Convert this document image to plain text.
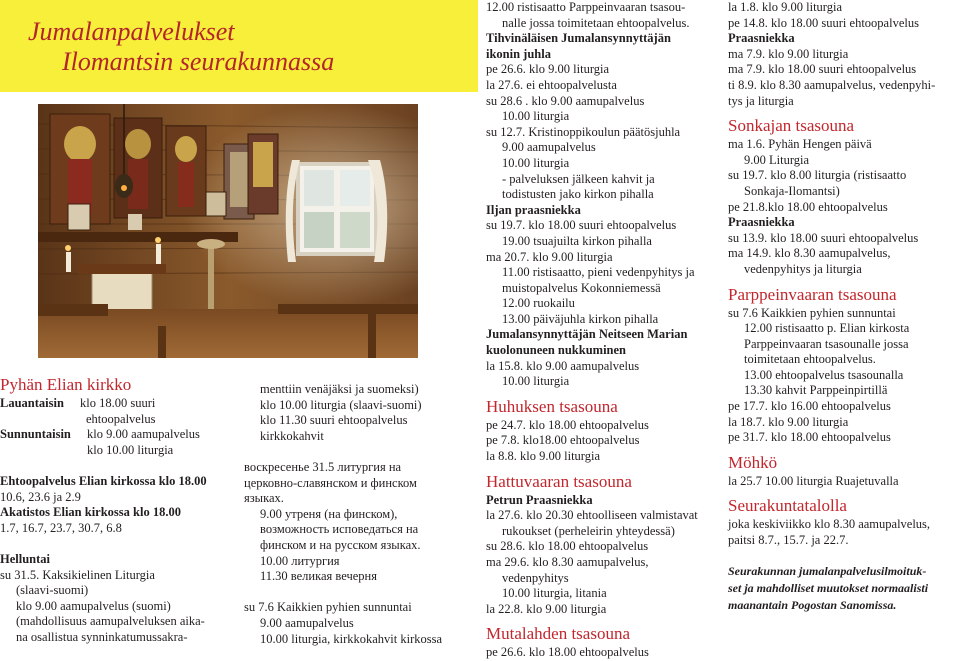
Jumalanpalvelukset
Ilomantsin seurakunnassa
Pyhän Elian kirkko
Lauantaisin	klo 18.00 suuri
ehtoopalvelus
Sunnuntaisin	klo 9.00 aamupalvelus
klo 10.00 liturgia
Ehtoopalvelus Elian kirkossa klo 18.00
10.6, 23.6 ja 2.9
Akatistos Elian kirkossa klo 18.00
1.7, 16.7, 23.7, 30.7, 6.8
Helluntai
su 31.5. Kaksikielinen Liturgia
(slaavi-suomi)
klo 9.00 aamupalvelus (suomi)
(mahdollisuus aamupalveluksen aika-
na osallistua synninkatumussakra-
menttiin venäjäksi ja suomeksi)
klo 10.00 liturgia (slaavi-suomi)
klo 11.30 suuri ehtoopalvelus
kirkkokahvit
воскресенье 31.5 литургия на
церковно-славянском и финском
языках.
9.00 утреня (на финском),
возможность исповедаться на
финском и на русском языках.
10.00 литургия
11.30 великая вечерня
su 7.6 Kaikkien pyhien sunnuntai
9.00 aamupalvelus
10.00 liturgia, kirkkokahvit kirkossa
12.00 ristisaatto Parppeinvaaran tsasou-
nalle jossa toimitetaan ehtoopalvelus.
Tihvinäläisen Jumalansynnyttäjän
ikonin juhla
pe 26.6. klo 9.00 liturgia
la 27.6. ei ehtoopalvelusta
su 28.6 . klo 9.00 aamupalvelus
10.00 liturgia
su 12.7. Kristinoppikoulun päätösjuhla
9.00 aamupalvelus
10.00 liturgia
- palveluksen jälkeen kahvit ja
todistusten jako kirkon pihalla
Iljan praasniekka
su 19.7. klo 18.00 suuri ehtoopalvelus
19.00 tsuajuilta kirkon pihalla
ma 20.7. klo 9.00 liturgia
11.00 ristisaatto, pieni vedenpyhitys ja
muistopalvelus Kokonniemessä
12.00 ruokailu
13.00 päiväjuhla kirkon pihalla
Jumalansynnyttäjän Neitseen Marian
kuolonuneen nukkuminen
la 15.8. klo 9.00 aamupalvelus
10.00 liturgia
Huhuksen tsasouna
pe 24.7. klo 18.00 ehtoopalvelus
pe 7.8. klo18.00 ehtoopalvelus
la 8.8. klo 9.00 liturgia
Hattuvaaran tsasouna
Petrun Praasniekka
la 27.6. klo 20.30 ehtoolliseen valmistavat
rukoukset (perheleirin yhteydessä)
su 28.6. klo 18.00 ehtoopalvelus
ma 29.6. klo 8.30 aamupalvelus,
vedenpyhitys
10.00 liturgia, litania
la 22.8. klo 9.00 liturgia
Mutalahden tsasouna
pe 26.6. klo 18.00 ehtoopalvelus
la 1.8. klo 9.00 liturgia
pe 14.8. klo 18.00 suuri ehtoopalvelus
Praasniekka
ma 7.9. klo 9.00 liturgia
ma 7.9. klo 18.00 suuri ehtoopalvelus
ti 8.9. klo 8.30 aamupalvelus, vedenpyhi-
tys ja liturgia
Sonkajan tsasouna
ma 1.6. Pyhän Hengen päivä
9.00 Liturgia
su 19.7. klo 8.00 liturgia (ristisaatto
Sonkaja-Ilomantsi)
pe 21.8.klo 18.00 ehtoopalvelus
Praasniekka
su 13.9. klo 18.00 suuri ehtoopalvelus
ma 14.9. klo 8.30 aamupalvelus,
vedenpyhitys ja liturgia
Parppeinvaaran tsasouna
su 7.6 Kaikkien pyhien sunnuntai
12.00 ristisaatto p. Elian kirkosta
Parppeinvaaran tsasounalle jossa
toimitetaan ehtoopalvelus.
13.00 ehtoopalvelus tsasounalla
13.30 kahvit Parppeinpirtillä
pe 17.7. klo 16.00 ehtoopalvelus
la 18.7. klo 9.00 liturgia
pe 31.7. klo 18.00 ehtoopalvelus
Möhkö
la 25.7 10.00 liturgia Ruajetuvalla
Seurakuntatalolla
joka keskiviikko klo 8.30 aamupalvelus,
paitsi 8.7., 15.7. ja 22.7.
Seurakunnan jumalanpalvelusilmoituk-
set ja mahdolliset muutokset normaalisti
maanantain Pogostan Sanomissa.
